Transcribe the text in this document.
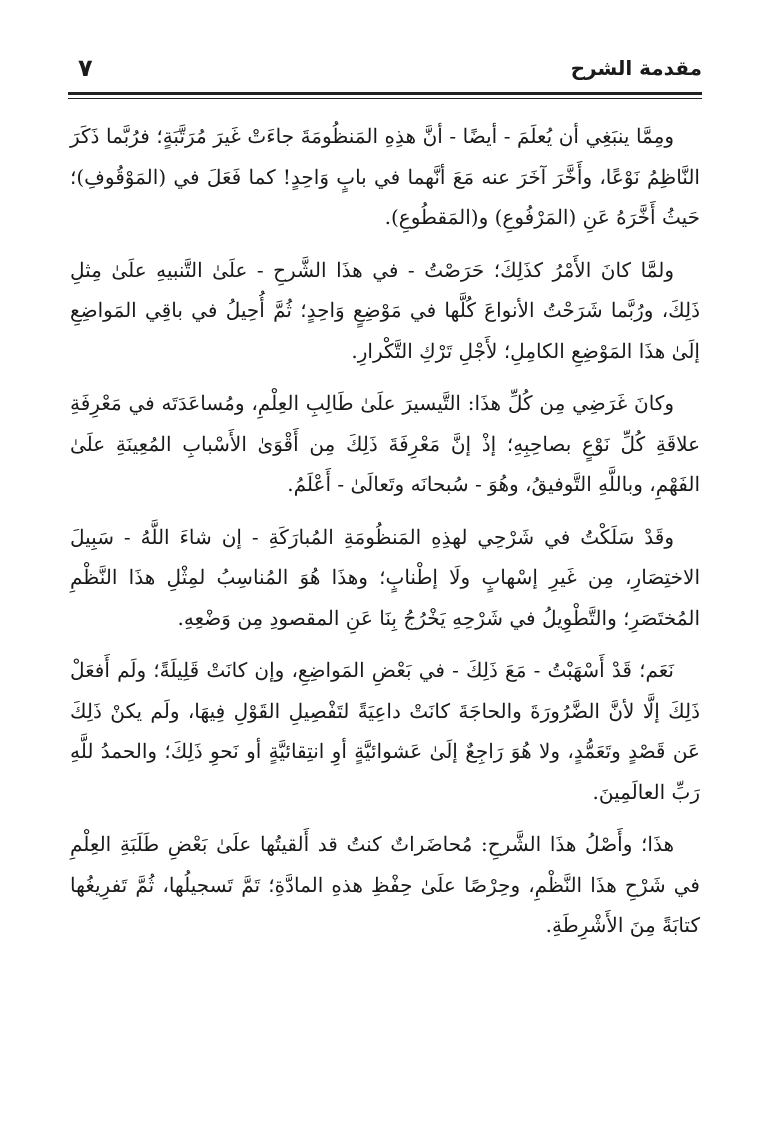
مقدمة الشرح
٧

ومِمَّا ينبَغِي أن يُعلَمَ - أيضًا - أنَّ هذِهِ المَنظُومَةَ جاءَتْ غَيرَ مُرَتَّبَةٍ؛ فرُبَّما ذَكَرَ النَّاظِمُ نَوْعًا، وأَخَّرَ آخَرَ عنه مَعَ أنَّهما في بابٍ وَاحِدٍ! كما فَعَلَ في (المَوْقُوفِ)؛ حَيثُ أَخَّرَهُ عَنِ (المَرْفُوعِ) و(المَقطُوعِ).

ولمَّا كانَ الأَمْرُ كذَلِكَ؛ حَرَصْتُ - في هذَا الشَّرحِ - علَىٰ التَّنبيهِ علَىٰ مِثلِ ذَلِكَ، ورُبَّما شَرَحْتُ الأنواعَ كُلَّها في مَوْضِعٍ وَاحِدٍ؛ ثُمَّ أُحِيلُ في باقِي المَواضِعِ إلَىٰ هذَا المَوْضِعِ الكامِلِ؛ لأَجْلِ تَرْكِ التَّكْرارِ.

وكانَ غَرَضِي مِن كُلِّ هذَا: التَّيسيرَ علَىٰ طَالِبِ العِلْمِ، ومُساعَدَتَه في مَعْرِفَةِ علاقَةِ كُلِّ نَوْعٍ بصاحِبِهِ؛ إذْ إنَّ مَعْرِفَةَ ذَلِكَ مِن أَقْوَىٰ الأَسْبابِ المُعِينَةِ علَىٰ الفَهْمِ، وباللَّهِ التَّوفيقُ، وهُوَ - سُبحانَه وتَعالَىٰ - أَعْلَمُ.

وقَدْ سَلَكْتُ في شَرْحِي لهذِهِ المَنظُومَةِ المُبارَكَةِ - إن شاءَ اللَّهُ - سَبِيلَ الاختِصَارِ، مِن غَيرِ إسْهابٍ ولَا إطْنابٍ؛ وهذَا هُوَ المُناسِبُ لمِثْلِ هذَا النَّظْمِ المُختَصَرِ؛ والتَّطْوِيلُ في شَرْحِهِ يَخْرُجُ بِنَا عَنِ المقصودِ مِن وَضْعِهِ.

نَعَم؛ قَدْ أَسْهَبْتُ - مَعَ ذَلِكَ - في بَعْضِ المَواضِعِ، وإن كانَتْ قَلِيلَةً؛ ولَم أَفعَلْ ذَلِكَ إلَّا لأنَّ الضَّرُورَةَ والحاجَةَ كانَتْ داعِيَةً لتَفْصِيلِ القَوْلِ فِيهَا، ولَم يكنْ ذَلِكَ عَن قَصْدٍ وتَعَمُّدٍ، ولا هُوَ رَاجِعٌ إلَىٰ عَشوائيَّةٍ أوِ انتِقائيَّةٍ أو نَحوِ ذَلِكَ؛ والحمدُ للَّهِ رَبِّ العالَمِينَ.

هذَا؛ وأَصْلُ هذَا الشَّرحِ: مُحاضَراتٌ كنتُ قد أَلقيتُها علَىٰ بَعْضِ طَلَبَةِ العِلْمِ في شَرْحِ هذَا النَّظْمِ، وحِرْصًا علَىٰ حِفْظِ هذهِ المادَّةِ؛ تَمَّ تَسجيلُها، ثُمَّ تَفرِيغُها كتابَةً مِنَ الأَشْرِطَةِ.
